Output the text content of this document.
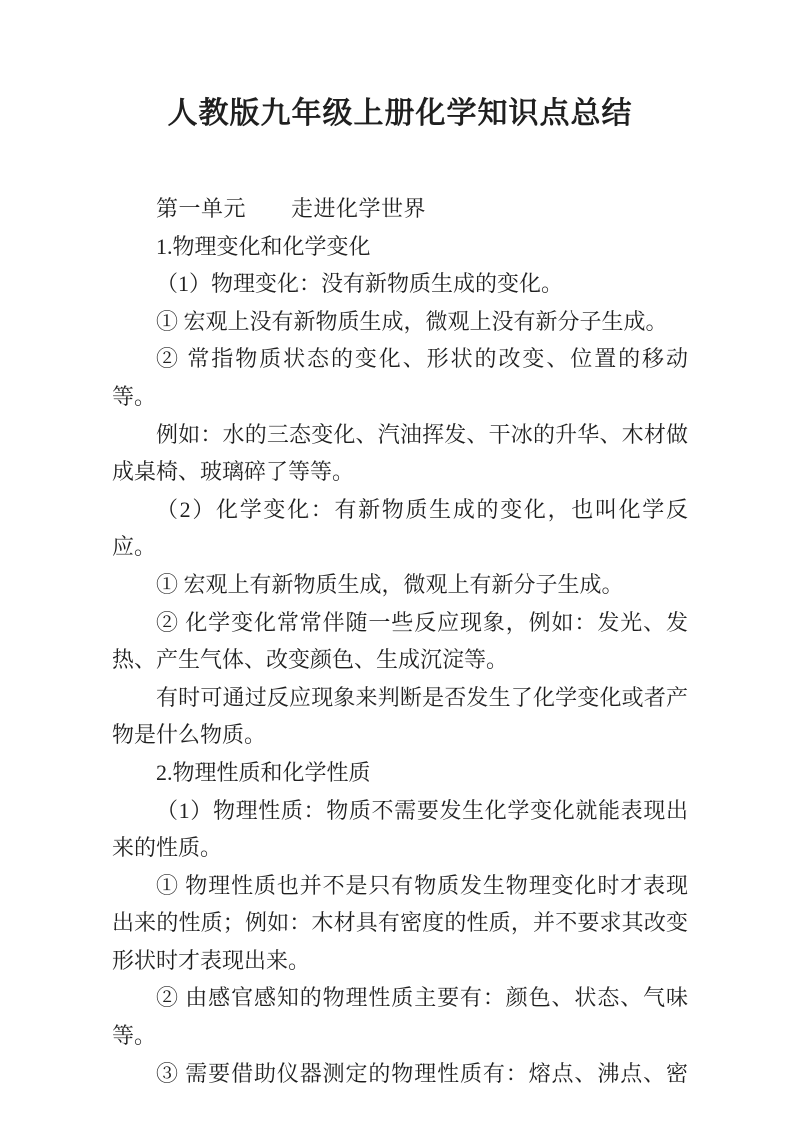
人教版九年级上册化学知识点总结

第一单元　　走进化学世界

1.物理变化和化学变化

（1）物理变化：没有新物质生成的变化。

① 宏观上没有新物质生成，微观上没有新分子生成。

② 常指物质状态的变化、形状的改变、位置的移动等。

例如：水的三态变化、汽油挥发、干冰的升华、木材做成桌椅、玻璃碎了等等。

（2）化学变化：有新物质生成的变化，也叫化学反应。

① 宏观上有新物质生成，微观上有新分子生成。

② 化学变化常常伴随一些反应现象，例如：发光、发热、产生气体、改变颜色、生成沉淀等。

有时可通过反应现象来判断是否发生了化学变化或者产物是什么物质。

2.物理性质和化学性质

（1）物理性质：物质不需要发生化学变化就能表现出来的性质。

① 物理性质也并不是只有物质发生物理变化时才表现出来的性质；例如：木材具有密度的性质，并不要求其改变形状时才表现出来。

② 由感官感知的物理性质主要有：颜色、状态、气味等。

③ 需要借助仪器测定的物理性质有：熔点、沸点、密
